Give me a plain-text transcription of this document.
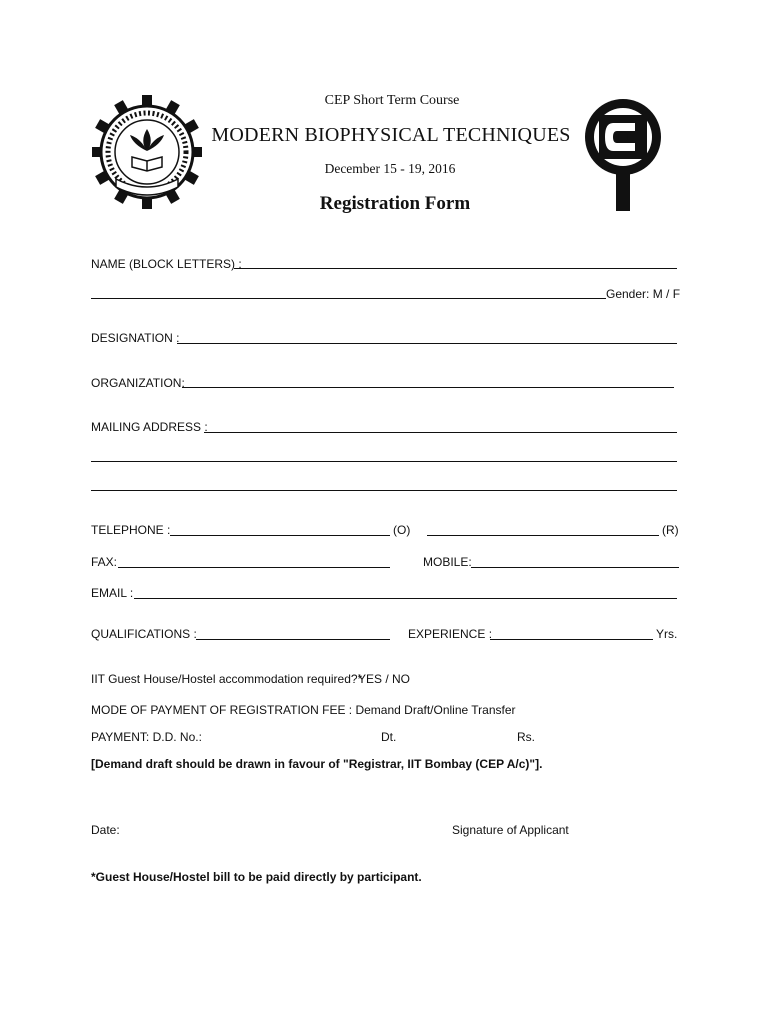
CEP Short Term Course
MODERN BIOPHYSICAL TECHNIQUES
December 15 - 19, 2016
Registration Form
NAME (BLOCK LETTERS) :
Gender: M / F
DESIGNATION :
ORGANIZATION:
MAILING ADDRESS :
TELEPHONE :	(O)	(R)
FAX:	MOBILE:
EMAIL :
QUALIFICATIONS :	EXPERIENCE :	Yrs.
IIT Guest House/Hostel accommodation required?*
YES / NO
MODE OF PAYMENT OF REGISTRATION FEE : Demand Draft/Online Transfer
PAYMENT: D.D. No.:	Dt.	Rs.
[Demand draft should be drawn in favour of "Registrar, IIT Bombay (CEP A/c)"].
Date:	Signature of Applicant
*Guest House/Hostel bill to be paid directly by participant.
